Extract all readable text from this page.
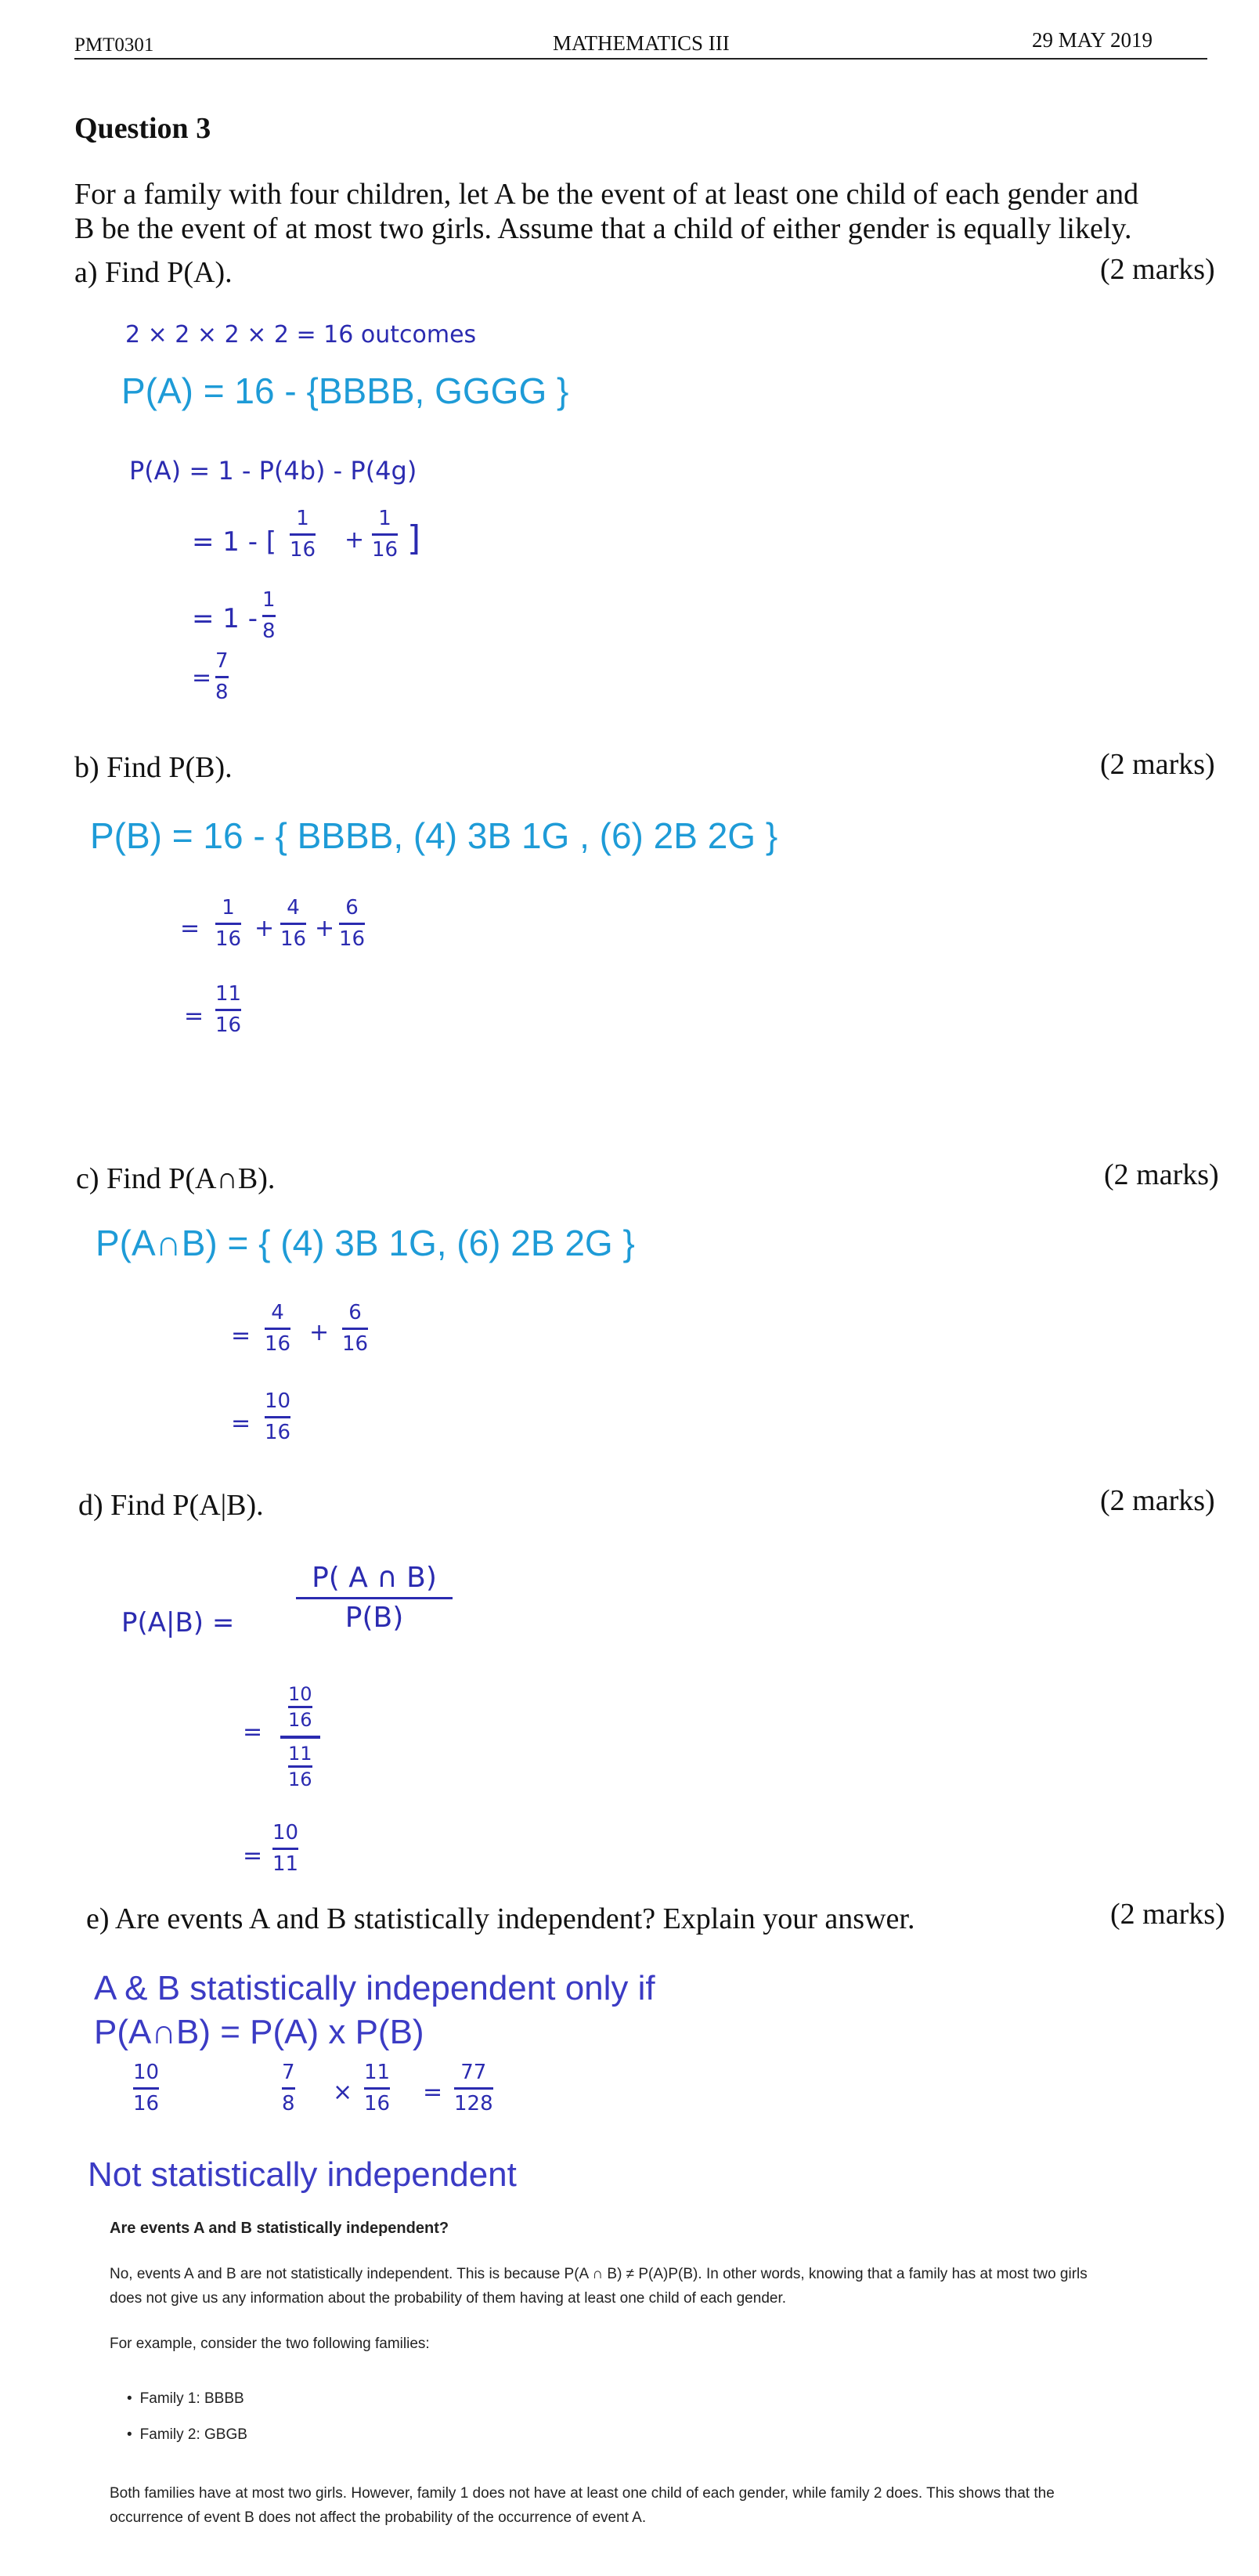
PMT0301	MATHEMATICS III	29 MAY 2019
Question 3
For a family with four children, let A be the event of at least one child of each gender and
B be the event of at most two girls. Assume that a child of either gender is equally likely.
a) Find P(A).	(2 marks)
2 × 2 × 2 × 2 = 16 outcomes
P(A) = 16 - {BBBB, GGGG }
P(A) = 1 - P(4b) - P(4g)
= 1 - [
1
16 +
1
16 ]
= 1 -
1
8
=
7
8
b) Find P(B).	(2 marks)
P(B) = 16 - { BBBB, (4) 3B 1G , (6) 2B 2G }
=
1
16 +
4
16 +
6
16
=
11
16
c) Find P(A∩B).	(2 marks)
P(A∩B) = { (4) 3B 1G, (6) 2B 2G }
=
4
16 +
6
16
=
10
16
d) Find P(A|B).	(2 marks)
P(A|B) =
P( A ∩ B)
P(B)
=
10
16
11
16
=
10
11
e) Are events A and B statistically independent? Explain your answer.	(2 marks)
A & B statistically independent only if
P(A∩B) = P(A) x P(B)
10
16
7
8 ×
11
16 =
77
128
Not statistically independent
Are events A and B statistically independent?
No, events A and B are not statistically independent. This is because P(A ∩ B) ≠ P(A)P(B). In other words, knowing that a family has at most two girls does not give us any information about the probability of them having at least one child of each gender.
For example, consider the two following families:
• Family 1: BBBB
• Family 2: GBGB
Both families have at most two girls. However, family 1 does not have at least one child of each gender, while family 2 does. This shows that the occurrence of event B does not affect the probability of the occurrence of event A.
